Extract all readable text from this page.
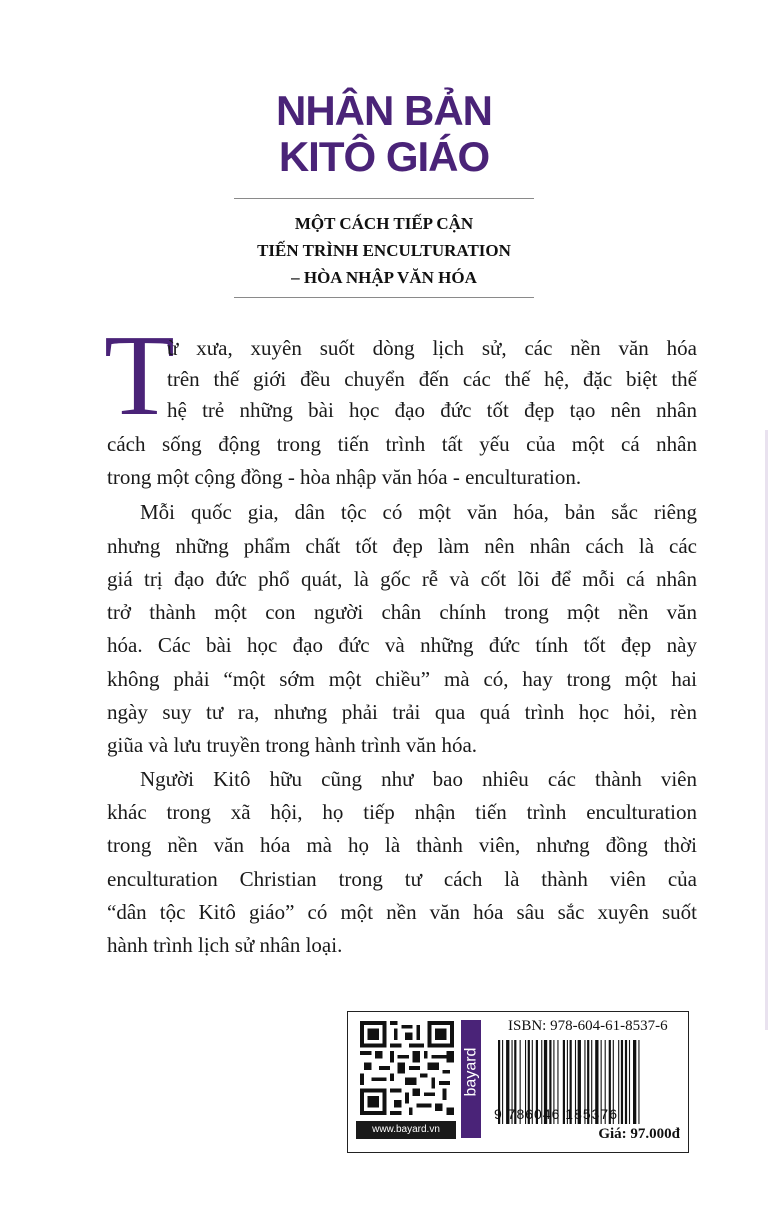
NHÂN BẢN
KITÔ GIÁO
MỘT CÁCH TIẾP CẬN
TIẾN TRÌNH ENCULTURATION
– HÒA NHẬP VĂN HÓA
T
ừ xưa, xuyên suốt dòng lịch sử, các nền văn hóa
trên thế giới đều chuyển đến các thế hệ, đặc biệt thế
hệ trẻ những bài học đạo đức tốt đẹp tạo nên nhân
cách sống động trong tiến trình tất yếu của một cá nhân
trong một cộng đồng - hòa nhập văn hóa - enculturation.
Mỗi quốc gia, dân tộc có một văn hóa, bản sắc riêng
nhưng những phẩm chất tốt đẹp làm nên nhân cách là các
giá trị đạo đức phổ quát, là gốc rễ và cốt lõi để mỗi cá nhân
trở thành một con người chân chính trong một nền văn
hóa. Các bài học đạo đức và những đức tính tốt đẹp này
không phải “một sớm một chiều” mà có, hay trong một hai
ngày suy tư ra, nhưng phải trải qua quá trình học hỏi, rèn
giũa và lưu truyền trong hành trình văn hóa.
Người Kitô hữu cũng như bao nhiêu các thành viên
khác trong xã hội, họ tiếp nhận tiến trình enculturation
trong nền văn hóa mà họ là thành viên, nhưng đồng thời
enculturation Christian trong tư cách là thành viên của
“dân tộc Kitô giáo” có một nền văn hóa sâu sắc xuyên suốt
hành trình lịch sử nhân loại.
www.bayard.vn
bayard
ISBN: 978-604-61-8537-6
9 786046 185376
Giá: 97.000đ
